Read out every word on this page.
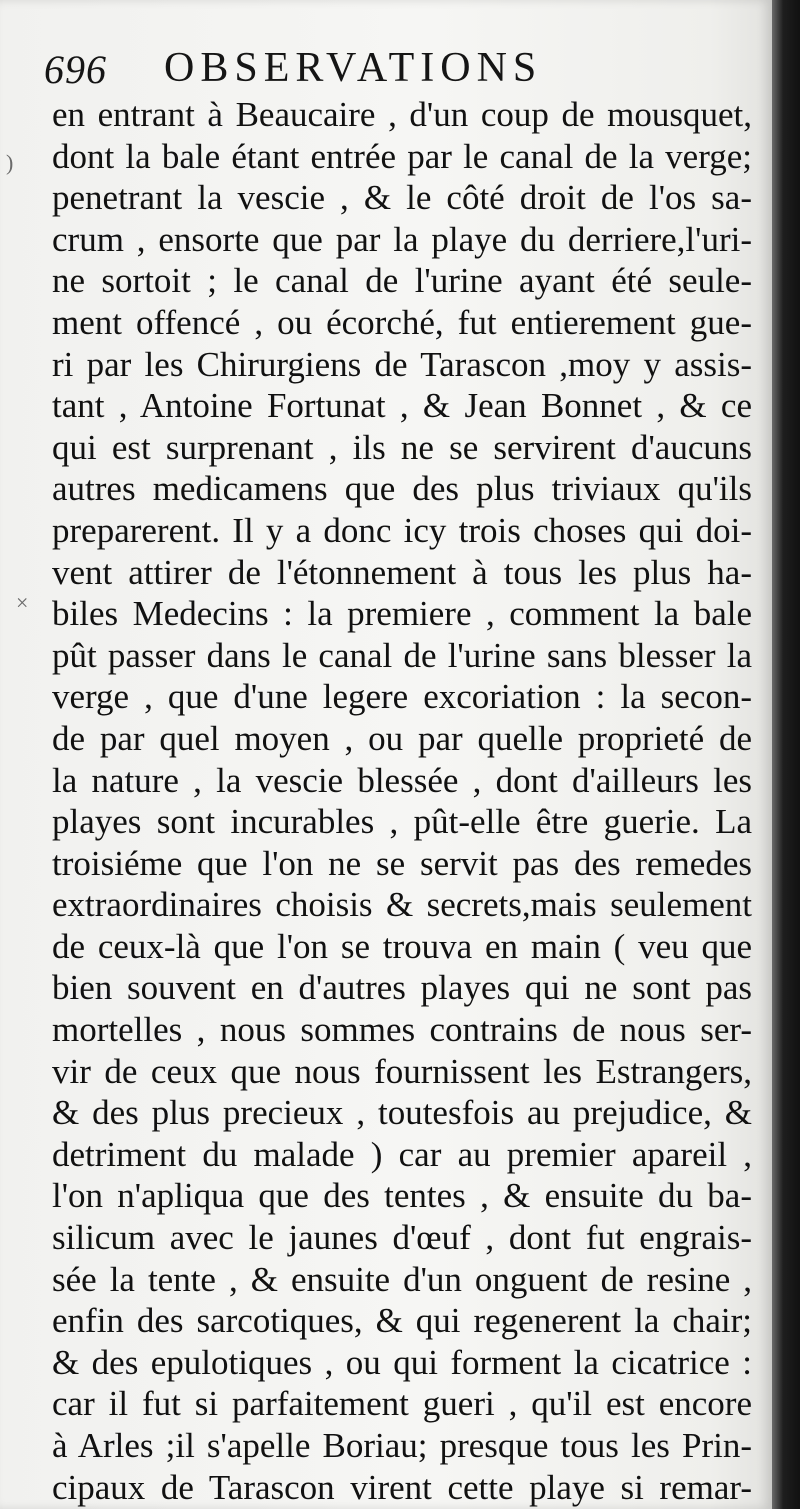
696 OBSERVATIONS
)
×
en entrant à Beaucaire , d'un coup de mousquet,
dont la bale étant entrée par le canal de la verge;
penetrant la vescie , & le côté droit de l'os sa-
crum , ensorte que par la playe du derriere,l'uri-
ne sortoit ; le canal de l'urine ayant été seule-
ment offencé , ou écorché, fut entierement gue-
ri par les Chirurgiens de Tarascon ,moy y assis-
tant , Antoine Fortunat , & Jean Bonnet , & ce
qui est surprenant , ils ne se servirent d'aucuns
autres medicamens que des plus triviaux qu'ils
preparerent. Il y a donc icy trois choses qui doi-
vent attirer de l'étonnement à tous les plus ha-
biles Medecins : la premiere , comment la bale
pût passer dans le canal de l'urine sans blesser la
verge , que d'une legere excoriation : la secon-
de par quel moyen , ou par quelle proprieté de
la nature , la vescie blessée , dont d'ailleurs les
playes sont incurables , pût-elle être guerie. La
troisiéme que l'on ne se servit pas des remedes
extraordinaires choisis & secrets,mais seulement
de ceux-là que l'on se trouva en main ( veu que
bien souvent en d'autres playes qui ne sont pas
mortelles , nous sommes contrains de nous ser-
vir de ceux que nous fournissent les Estrangers,
& des plus precieux , toutesfois au prejudice, &
detriment du malade ) car au premier apareil ,
l'on n'apliqua que des tentes , & ensuite du ba-
silicum avec le jaunes d'œuf , dont fut engrais-
sée la tente , & ensuite d'un onguent de resine ,
enfin des sarcotiques, & qui regenerent la chair;
& des epulotiques , ou qui forment la cicatrice :
car il fut si parfaitement gueri , qu'il est encore
à Arles ;il s'apelle Boriau; presque tous les Prin-
cipaux de Tarascon virent cette playe si remar-
